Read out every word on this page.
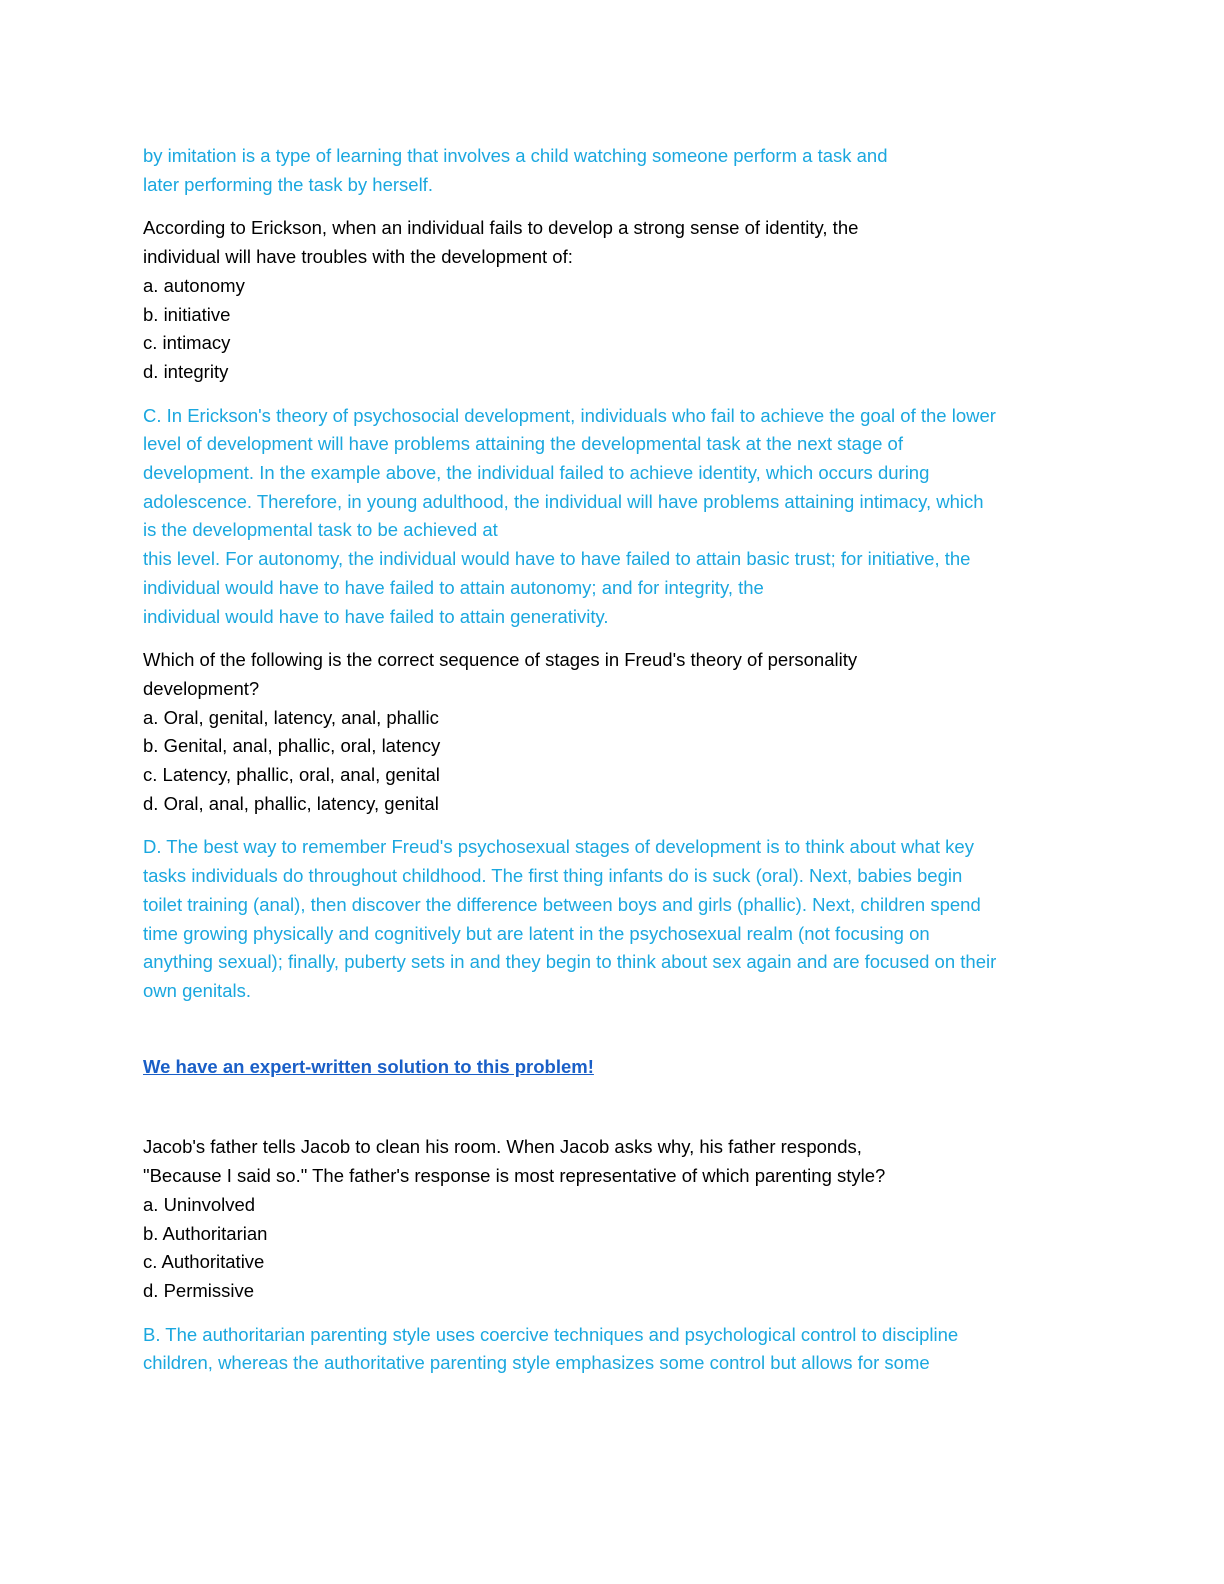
by imitation is a type of learning that involves a child watching someone perform a task and
later performing the task by herself.
According to Erickson, when an individual fails to develop a strong sense of identity, the
individual will have troubles with the development of:
a. autonomy
b. initiative
c. intimacy
d. integrity
C. In Erickson's theory of psychosocial development, individuals who fail to achieve the goal of the lower
level of development will have problems attaining the developmental task at the next stage of
development. In the example above, the individual failed to achieve identity, which occurs during
adolescence. Therefore, in young adulthood, the individual will have problems attaining intimacy, which
is the developmental task to be achieved at
this level. For autonomy, the individual would have to have failed to attain basic trust; for initiative, the
individual would have to have failed to attain autonomy; and for integrity, the
individual would have to have failed to attain generativity.
Which of the following is the correct sequence of stages in Freud's theory of personality
development?
a. Oral, genital, latency, anal, phallic
b. Genital, anal, phallic, oral, latency
c. Latency, phallic, oral, anal, genital
d. Oral, anal, phallic, latency, genital
D. The best way to remember Freud's psychosexual stages of development is to think about what key
tasks individuals do throughout childhood. The first thing infants do is suck (oral). Next, babies begin
toilet training (anal), then discover the difference between boys and girls (phallic). Next, children spend
time growing physically and cognitively but are latent in the psychosexual realm (not focusing on
anything sexual); finally, puberty sets in and they begin to think about sex again and are focused on their
own genitals.
We have an expert-written solution to this problem!
Jacob's father tells Jacob to clean his room. When Jacob asks why, his father responds,
"Because I said so." The father's response is most representative of which parenting style?
a. Uninvolved
b. Authoritarian
c. Authoritative
d. Permissive
B. The authoritarian parenting style uses coercive techniques and psychological control to discipline
children, whereas the authoritative parenting style emphasizes some control but allows for some
